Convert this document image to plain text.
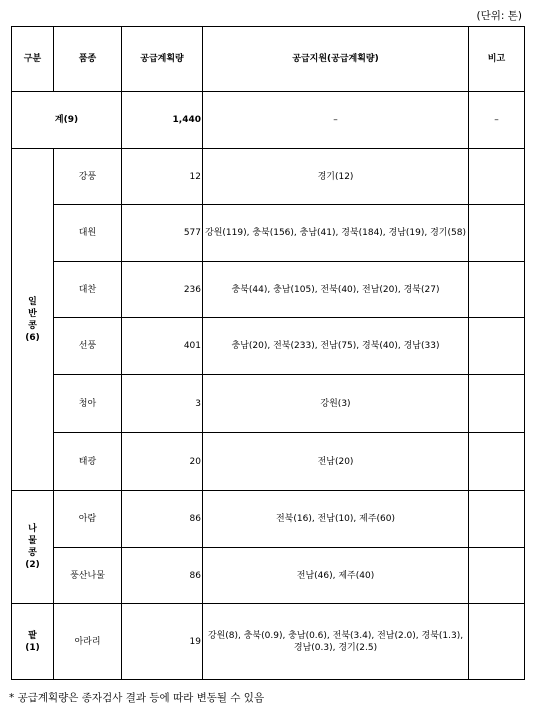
(단위: 톤)
구분	품종	공급계획량	공급지원(공급계획량)	비고
계(9)		1,440	–	–

일
반
콩
(6)	강풍	12	경기(12)	
	대원	577	강원(119), 충북(156), 충남(41), 경북(184), 경남(19), 경기(58)	
	대찬	236	충북(44), 충남(105), 전북(40), 전남(20), 경북(27)	
	선풍	401	충남(20), 전북(233), 전남(75), 경북(40), 경남(33)	
	청아	3	강원(3)	
	태광	20	전남(20)	

나
물
콩
(2)	아람	86	전북(16), 전남(10), 제주(60)	
	풍산나물	86	전남(46), 제주(40)	

팥
(1)	아라리	19	강원(8), 충북(0.9), 충남(0.6), 전북(3.4), 전남(2.0), 경북(1.3), 경남(0.3), 경기(2.5)	
* 공급계획량은 종자검사 결과 등에 따라 변동될 수 있음
